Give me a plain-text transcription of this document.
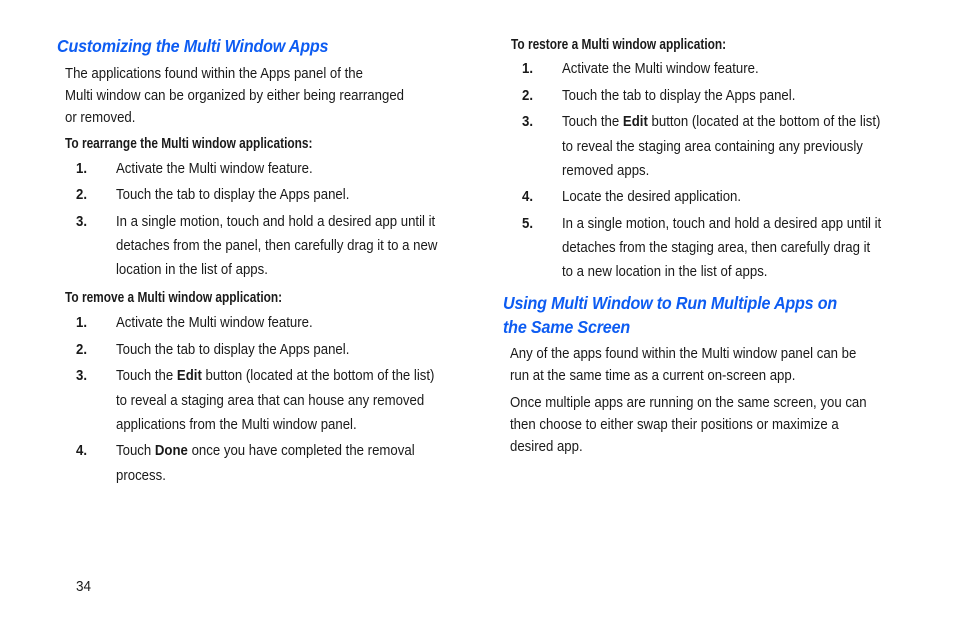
Customizing the Multi Window Apps
The applications found within the Apps panel of the
Multi window can be organized by either being rearranged
or removed.
To rearrange the Multi window applications:
1. Activate the Multi window feature.
2. Touch the tab to display the Apps panel.
3. In a single motion, touch and hold a desired app until it
detaches from the panel, then carefully drag it to a new
location in the list of apps.
To remove a Multi window application:
1. Activate the Multi window feature.
2. Touch the tab to display the Apps panel.
3. Touch the Edit button (located at the bottom of the list)
to reveal a staging area that can house any removed
applications from the Multi window panel.
4. Touch Done once you have completed the removal
process.
To restore a Multi window application:
1. Activate the Multi window feature.
2. Touch the tab to display the Apps panel.
3. Touch the Edit button (located at the bottom of the list)
to reveal the staging area containing any previously
removed apps.
4. Locate the desired application.
5. In a single motion, touch and hold a desired app until it
detaches from the staging area, then carefully drag it
to a new location in the list of apps.
Using Multi Window to Run Multiple Apps on
the Same Screen
Any of the apps found within the Multi window panel can be
run at the same time as a current on-screen app.
Once multiple apps are running on the same screen, you can
then choose to either swap their positions or maximize a
desired app.
34
